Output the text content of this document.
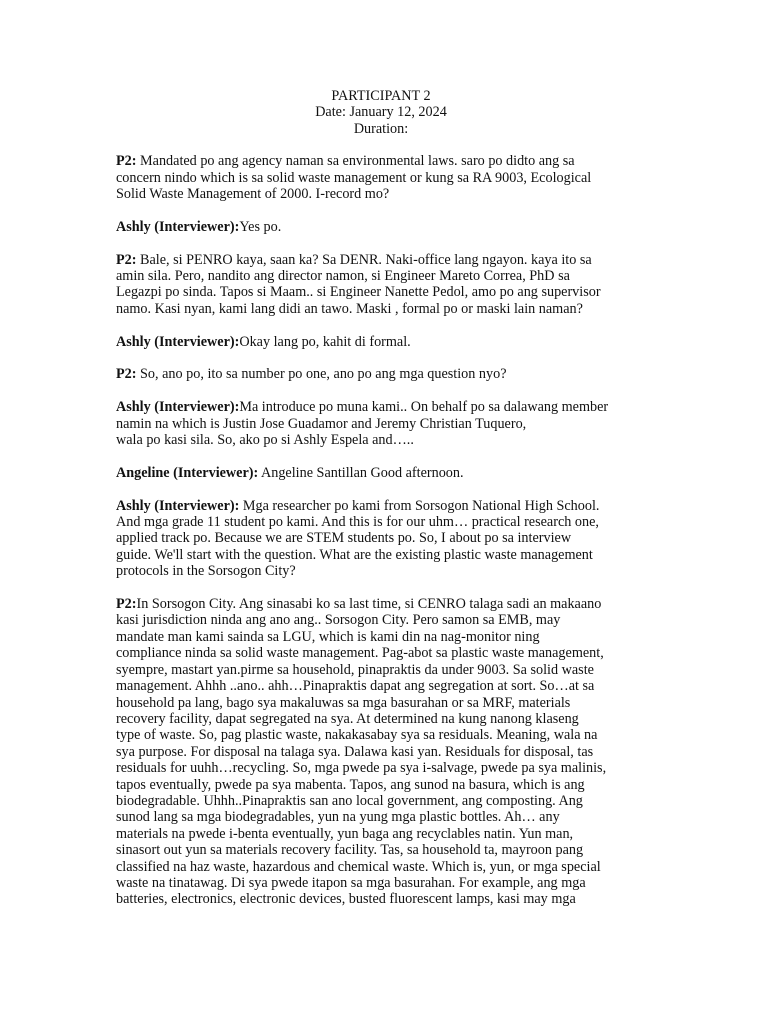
PARTICIPANT 2
Date: January 12, 2024
Duration:
P2: Mandated po ang agency naman sa environmental laws. saro po didto ang sa
concern nindo which is sa solid waste management or kung sa RA 9003, Ecological
Solid Waste Management of 2000. I-record mo?
Ashly (Interviewer):Yes po.
P2: Bale, si PENRO kaya, saan ka? Sa DENR. Naki-office lang ngayon. kaya ito sa
amin sila. Pero, nandito ang director namon, si Engineer Mareto Correa, PhD sa
Legazpi po sinda. Tapos si Maam.. si Engineer Nanette Pedol, amo po ang supervisor
namo. Kasi nyan, kami lang didi an tawo. Maski , formal po or maski lain naman?
Ashly (Interviewer):Okay lang po, kahit di formal.
P2: So, ano po, ito sa number po one, ano po ang mga question nyo?
Ashly (Interviewer):Ma introduce po muna kami.. On behalf po sa dalawang member
namin na which is Justin Jose Guadamor and Jeremy Christian Tuquero,
wala po kasi sila. So, ako po si Ashly Espela and…..
Angeline (Interviewer): Angeline Santillan Good afternoon.
Ashly (Interviewer): Mga researcher po kami from Sorsogon National High School.
And mga grade 11 student po kami. And this is for our uhm… practical research one,
applied track po. Because we are STEM students po. So, I about po sa interview
guide. We'll start with the question. What are the existing plastic waste management
protocols in the Sorsogon City?
P2:In Sorsogon City. Ang sinasabi ko sa last time, si CENRO talaga sadi an makaano
kasi jurisdiction ninda ang ano ang.. Sorsogon City. Pero samon sa EMB, may
mandate man kami sainda sa LGU, which is kami din na nag-monitor ning
compliance ninda sa solid waste management. Pag-abot sa plastic waste management,
syempre, mastart yan.pirme sa household, pinapraktis da under 9003. Sa solid waste
management. Ahhh ..ano.. ahh…Pinapraktis dapat ang segregation at sort. So…at sa
household pa lang, bago sya makaluwas sa mga basurahan or sa MRF, materials
recovery facility, dapat segregated na sya. At determined na kung nanong klaseng
type of waste. So, pag plastic waste, nakakasabay sya sa residuals. Meaning, wala na
sya purpose. For disposal na talaga sya. Dalawa kasi yan. Residuals for disposal, tas
residuals for uuhh…recycling. So, mga pwede pa sya i-salvage, pwede pa sya malinis,
tapos eventually, pwede pa sya mabenta. Tapos, ang sunod na basura, which is ang
biodegradable. Uhhh..Pinapraktis san ano local government, ang composting. Ang
sunod lang sa mga biodegradables, yun na yung mga plastic bottles. Ah… any
materials na pwede i-benta eventually, yun baga ang recyclables natin. Yun man,
sinasort out yun sa materials recovery facility. Tas, sa household ta, mayroon pang
classified na haz waste, hazardous and chemical waste. Which is, yun, or mga special
waste na tinatawag. Di sya pwede itapon sa mga basurahan. For example, ang mga
batteries, electronics, electronic devices, busted fluorescent lamps, kasi may mga
